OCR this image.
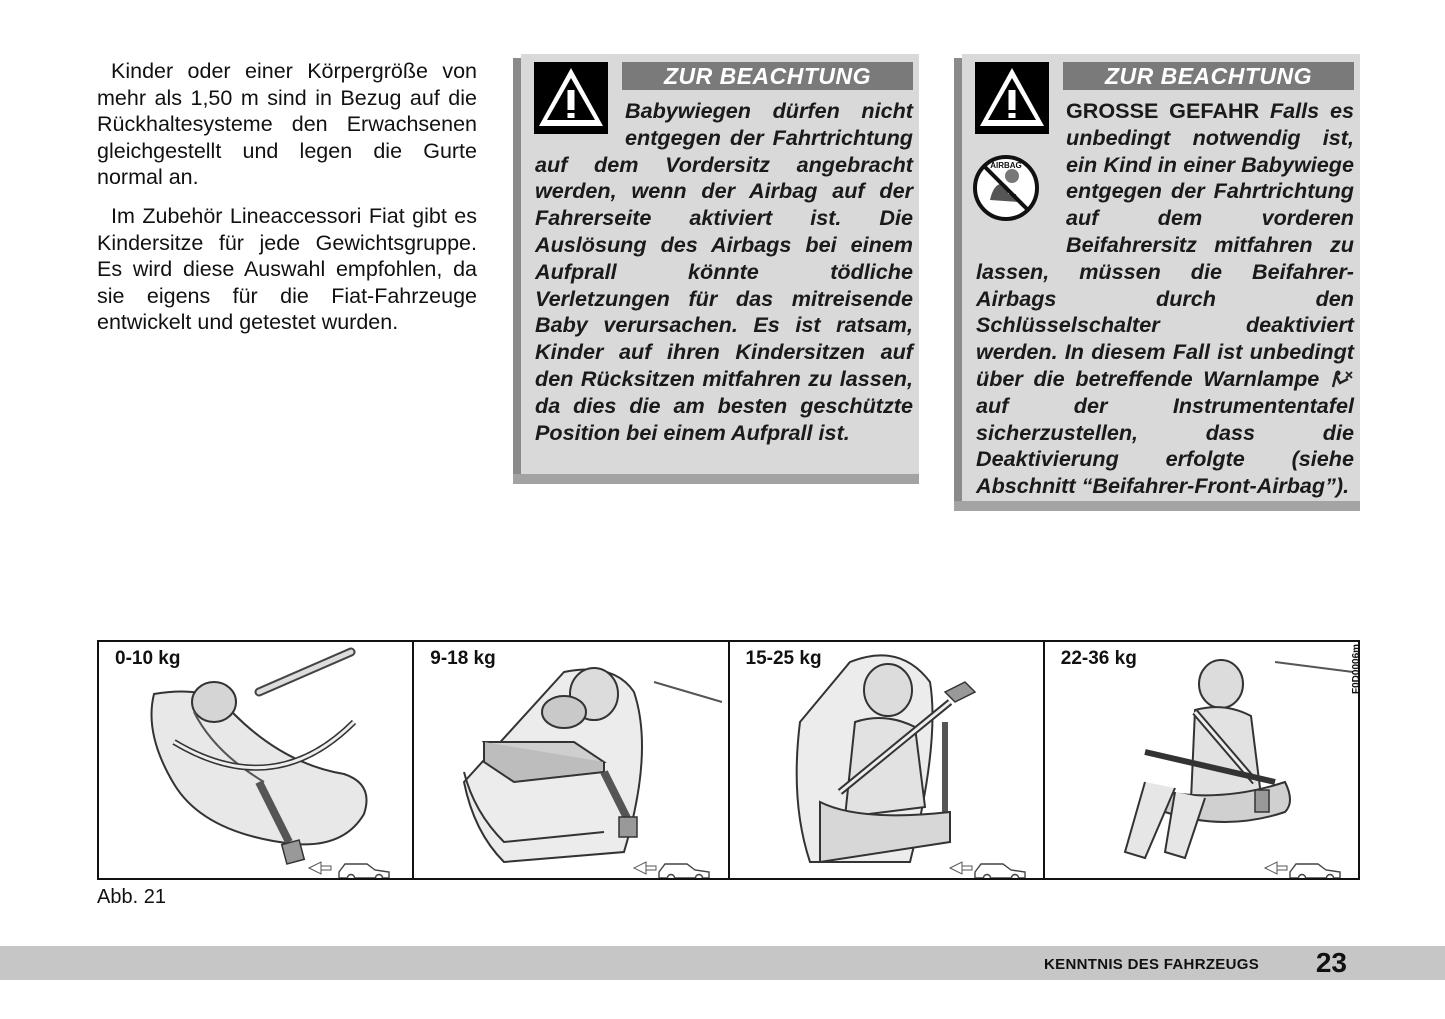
Kinder oder einer Körpergröße von mehr als 1,50 m sind in Bezug auf die Rückhaltesysteme den Erwachsenen gleichgestellt und legen die Gurte normal an.

Im Zubehör Lineaccessori Fiat gibt es Kindersitze für jede Gewichtsgruppe. Es wird diese Auswahl empfohlen, da sie eigens für die Fiat-Fahrzeuge entwickelt und getestet wurden.

ZUR BEACHTUNG
Babywiegen dürfen nicht entgegen der Fahrtrichtung auf dem Vordersitz angebracht werden, wenn der Airbag auf der Fahrerseite aktiviert ist. Die Auslösung des Airbags bei einem Aufprall könnte tödliche Verletzungen für das mitreisende Baby verursachen. Es ist ratsam, Kinder auf ihren Kindersitzen auf den Rücksitzen mitfahren zu lassen, da dies die am besten geschützte Position bei einem Aufprall ist.
AIRBAG
ZUR BEACHTUNG
GROSSE GEFAHR Falls es unbedingt notwendig ist, ein Kind in einer Babywiege entgegen der Fahrtrichtung auf dem vorderen Beifahrersitz mitfahren zu lassen, müssen die Beifahrer-Airbags durch den Schlüsselschalter deaktiviert werden. In diesem Fall ist unbedingt über die betreffende Warnlampe  auf der Instrumententafel sicherzustellen, dass die Deaktivierung erfolgte (siehe Abschnitt “Beifahrer-Front-Airbag”).
0-10 kg	9-18 kg	15-25 kg	22-36 kg	F0D0006m
Abb. 21
KENNTNIS DES FAHRZEUGS 23
